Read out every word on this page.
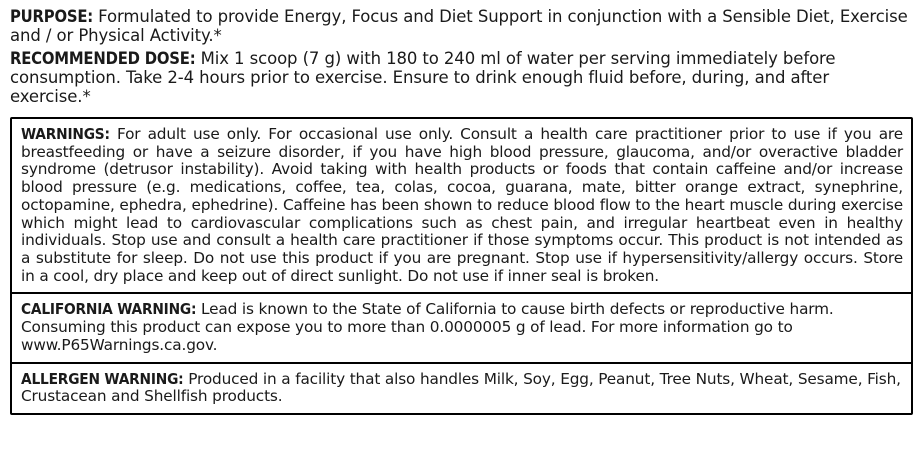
PURPOSE: Formulated to provide Energy, Focus and Diet Support in conjunction with a Sensible Diet, Exercise and / or Physical Activity.*
RECOMMENDED DOSE: Mix 1 scoop (7 g) with 180 to 240 ml of water per serving immediately before consumption. Take 2-4 hours prior to exercise. Ensure to drink enough fluid before, during, and after exercise.*

WARNINGS: For adult use only. For occasional use only. Consult a health care practitioner prior to use if you are breastfeeding or have a seizure disorder, if you have high blood pressure, glaucoma, and/or overactive bladder syndrome (detrusor instability). Avoid taking with health products or foods that contain caffeine and/or increase blood pressure (e.g. medications, coffee, tea, colas, cocoa, guarana, mate, bitter orange extract, synephrine, octopamine, ephedra, ephedrine). Caffeine has been shown to reduce blood flow to the heart muscle during exercise which might lead to cardiovascular complications such as chest pain, and irregular heartbeat even in healthy individuals. Stop use and consult a health care practitioner if those symptoms occur. This product is not intended as a substitute for sleep. Do not use this product if you are pregnant. Stop use if hypersensitivity/allergy occurs. Store in a cool, dry place and keep out of direct sunlight. Do not use if inner seal is broken.

CALIFORNIA WARNING: Lead is known to the State of California to cause birth defects or reproductive harm. Consuming this product can expose you to more than 0.0000005 g of lead. For more information go to www.P65Warnings.ca.gov.

ALLERGEN WARNING: Produced in a facility that also handles Milk, Soy, Egg, Peanut, Tree Nuts, Wheat, Sesame, Fish, Crustacean and Shellfish products.
